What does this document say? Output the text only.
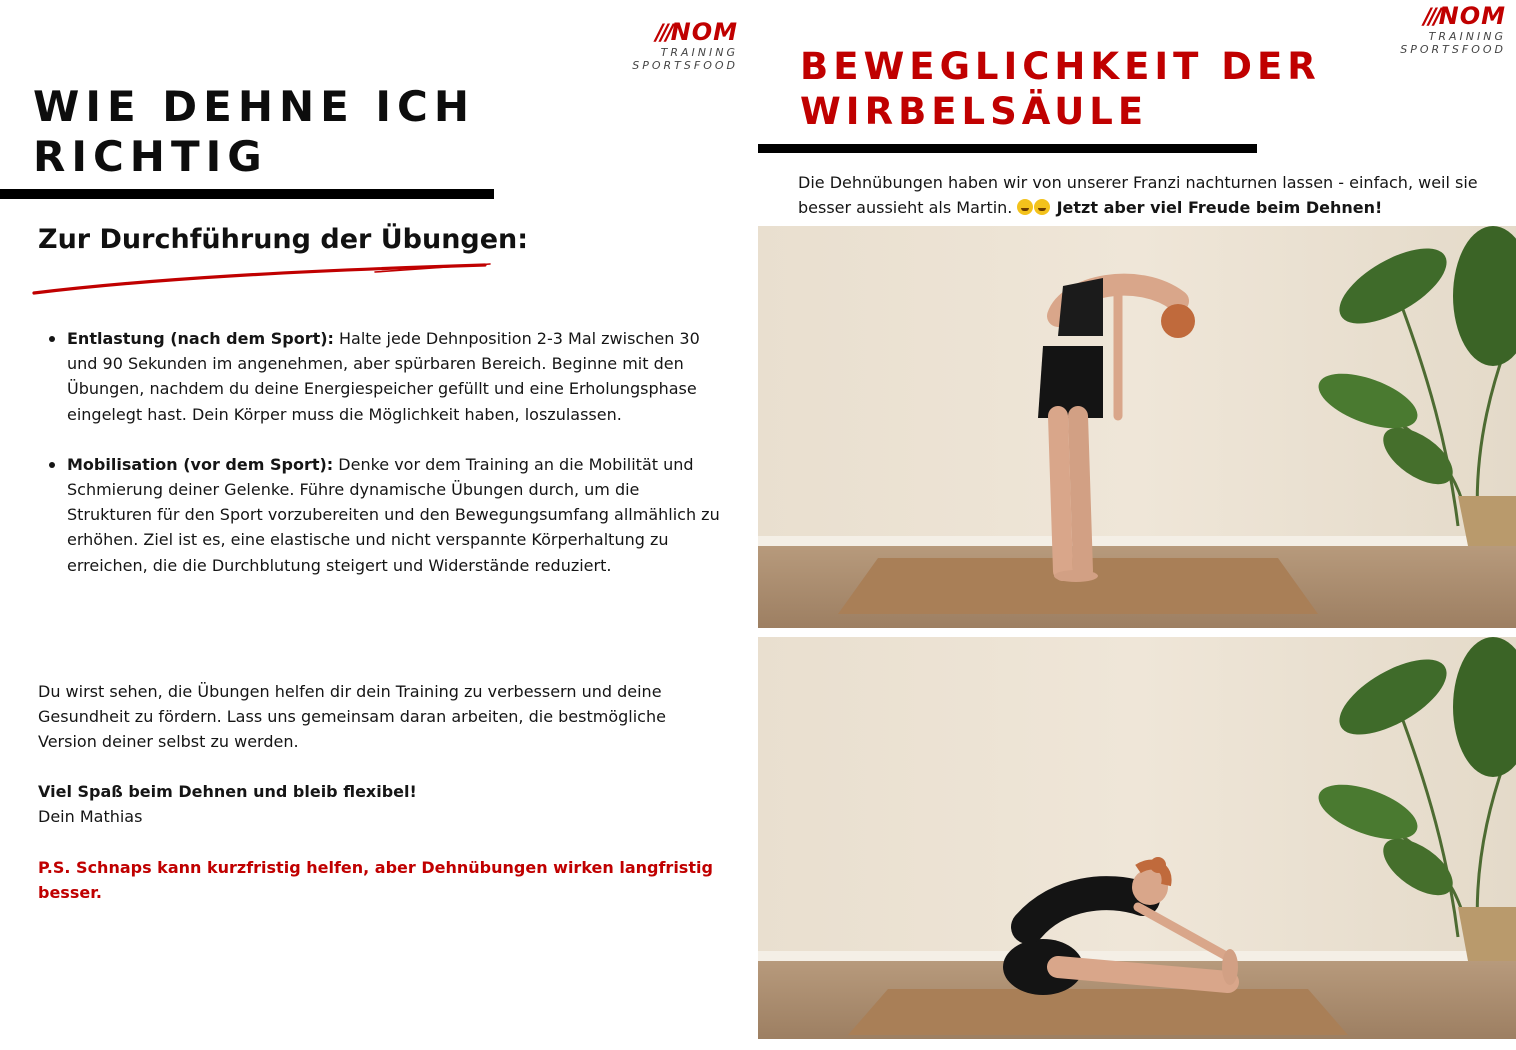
///NOM
TRAINING
SPORTSFOOD
WIE DEHNE ICH RICHTIG
Zur Durchführung der Übungen:
Entlastung (nach dem Sport): Halte jede Dehnposition 2-3 Mal zwischen 30 und 90 Sekunden im angenehmen, aber spürbaren Bereich. Beginne mit den Übungen, nachdem du deine Energiespeicher gefüllt und eine Erholungsphase eingelegt hast. Dein Körper muss die Möglichkeit haben, loszulassen.
Mobilisation (vor dem Sport): Denke vor dem Training an die Mobilität und Schmierung deiner Gelenke. Führe dynamische Übungen durch, um die Strukturen für den Sport vorzubereiten und den Bewegungsumfang allmählich zu erhöhen. Ziel ist es, eine elastische und nicht verspannte Körperhaltung zu erreichen, die die Durchblutung steigert und Widerstände reduziert.

Du wirst sehen, die Übungen helfen dir dein Training zu verbessern und deine Gesundheit zu fördern. Lass uns gemeinsam daran arbeiten, die bestmögliche Version deiner selbst zu werden.

Viel Spaß beim Dehnen und bleib flexibel!
Dein Mathias

P.S. Schnaps kann kurzfristig helfen, aber Dehnübungen wirken langfristig besser.

///NOM
TRAINING
SPORTSFOOD
BEWEGLICHKEIT DER WIRBELSÄULE

Die Dehnübungen haben wir von unserer Franzi nachturnen lassen - einfach, weil sie besser aussieht als Martin.  Jetzt aber viel Freude beim Dehnen!
